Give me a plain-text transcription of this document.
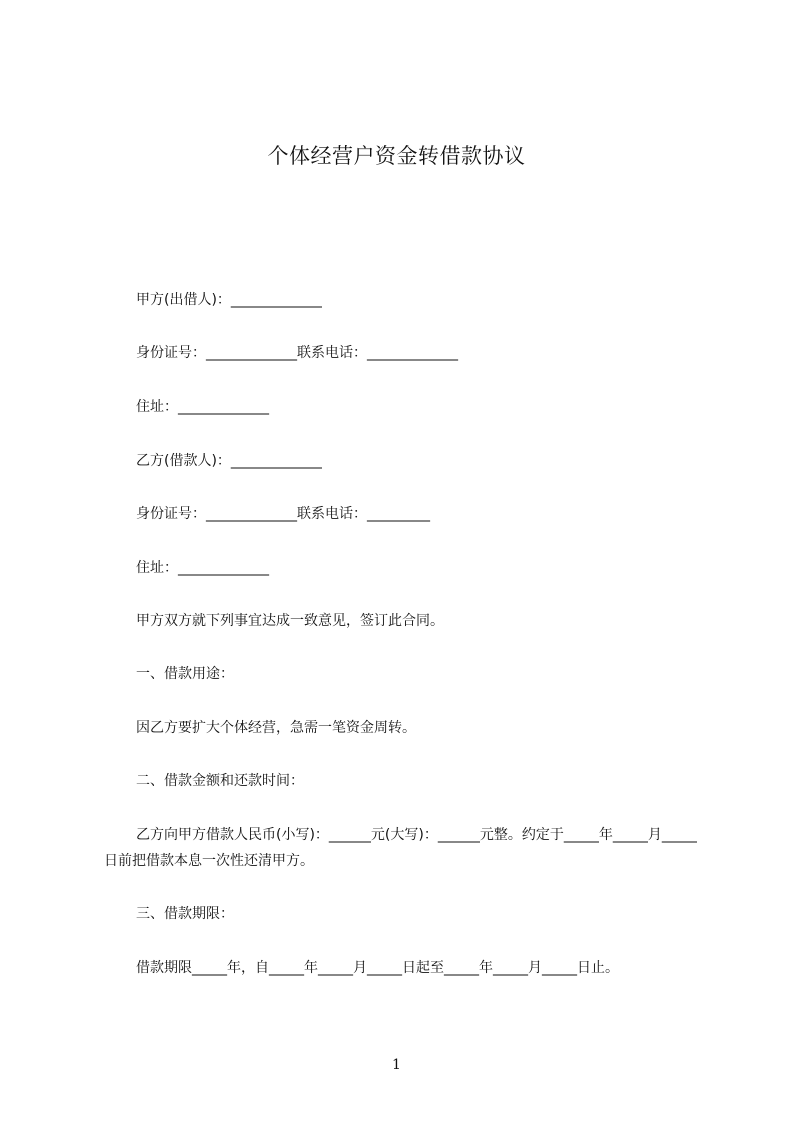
个体经营户资金转借款协议
甲方(出借人)：_____________
身份证号：_____________联系电话：_____________
住址：_____________
乙方(借款人)：_____________
身份证号：_____________联系电话：_________
住址：_____________
甲方双方就下列事宜达成一致意见，签订此合同。
一、借款用途：
因乙方要扩大个体经营，急需一笔资金周转。
二、借款金额和还款时间：
乙方向甲方借款人民币(小写)：______元(大写)：______元整。约定于_____年_____月_____日前把借款本息一次性还清甲方。
三、借款期限：
借款期限_____年，自_____年_____月_____日起至_____年_____月_____日止。
1
